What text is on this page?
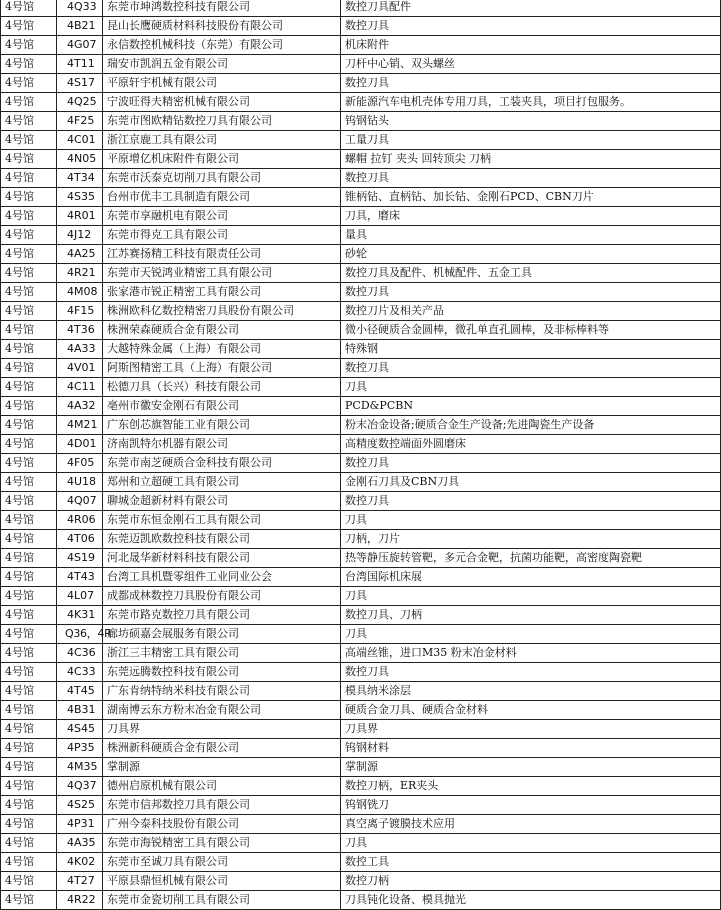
4号馆	4Q33	东莞市坤鸿数控科技有限公司	数控刀具配件
4号馆	4B21	昆山长鹰硬质材料科技股份有限公司	数控刀具
4号馆	4G07	永信数控机械科技（东莞）有限公司	机床附件
4号馆	4T11	瑞安市凯润五金有限公司	刀杆中心销、双头螺丝
4号馆	4S17	平原轩宇机械有限公司	数控刀具
4号馆	4Q25	宁波旺得夫精密机械有限公司	新能源汽车电机壳体专用刀具，工装夹具，项目打包服务。
4号馆	4F25	东莞市图欧精钻数控刀具有限公司	钨钢钻头
4号馆	4C01	浙江京鹿工具有限公司	工量刀具
4号馆	4N05	平原增亿机床附件有限公司	螺帽 拉钉 夹头 回转顶尖 刀柄
4号馆	4T34	东莞市沃泰克切削刀具有限公司	数控刀具
4号馆	4S35	台州市优丰工具制造有限公司	锥柄钻、直柄钻、加长钻、金刚石PCD、CBN刀片
4号馆	4R01	东莞市享融机电有限公司	刀具，磨床
4号馆	4J12	东莞市得克工具有限公司	量具
4号馆	4A25	江苏赛扬精工科技有限责任公司	砂轮
4号馆	4R21	东莞市天锐鸿业精密工具有限公司	数控刀具及配件、机械配件、五金工具
4号馆	4M08	张家港市锐正精密工具有限公司	数控刀具
4号馆	4F15	株洲欧科亿数控精密刀具股份有限公司	数控刀片及相关产品
4号馆	4T36	株洲荣森硬质合金有限公司	微小径硬质合金圆棒，微孔单直孔圆棒，及非标棒料等
4号馆	4A33	大越特殊金属（上海）有限公司	特殊钢
4号馆	4V01	阿斯图精密工具（上海）有限公司	数控刀具
4号馆	4C11	松德刀具（长兴）科技有限公司	刀具
4号馆	4A32	亳州市徽安金刚石有限公司	PCD&PCBN
4号馆	4M21	广东创芯旗智能工业有限公司	粉末冶金设备;硬质合金生产设备;先进陶瓷生产设备
4号馆	4D01	济南凯特尔机器有限公司	高精度数控端面外圆磨床
4号馆	4F05	东莞市南芝硬质合金科技有限公司	数控刀具
4号馆	4U18	郑州和立超硬工具有限公司	金刚石刀具及CBN刀具
4号馆	4Q07	聊城金超新材料有限公司	数控刀具
4号馆	4R06	东莞市东恒金刚石工具有限公司	刀具
4号馆	4T06	东莞迈凯欧数控科技有限公司	刀柄，刀片
4号馆	4S19	河北晟华新材料科技有限公司	热等静压旋转管靶，多元合金靶，抗菌功能靶，高密度陶瓷靶
4号馆	4T43	台湾工具机暨零组件工业同业公会	台湾国际机床展
4号馆	4L07	成都成林数控刀具股份有限公司	刀具
4号馆	4K31	东莞市路克数控刀具有限公司	数控刀具、刀柄
4号馆	Q36，4R	廊坊硕嘉会展服务有限公司	刀具
4号馆	4C36	浙江三丰精密工具有限公司	高端丝锥，进口M35 粉末冶金材料
4号馆	4C33	东莞远腾数控科技有限公司	数控刀具
4号馆	4T45	广东肯纳特纳米科技有限公司	模具纳米涂层
4号馆	4B31	湖南博云东方粉末冶金有限公司	硬质合金刀具、硬质合金材料
4号馆	4S45	刀具界	刀具界
4号馆	4P35	株洲新科硬质合金有限公司	钨钢材料
4号馆	4M35	掌制源	掌制源
4号馆	4Q37	德州启原机械有限公司	数控刀柄，ER夹头
4号馆	4S25	东莞市信邦数控刀具有限公司	钨钢铣刀
4号馆	4P31	广州今泰科技股份有限公司	真空离子镀膜技术应用
4号馆	4A35	东莞市海锐精密工具有限公司	刀具
4号馆	4K02	东莞市至诚刀具有限公司	数控工具
4号馆	4T27	平原县鼎恒机械有限公司	数控刀柄
4号馆	4R22	东莞市金瓷切削工具有限公司	刀具钝化设备、模具抛光
